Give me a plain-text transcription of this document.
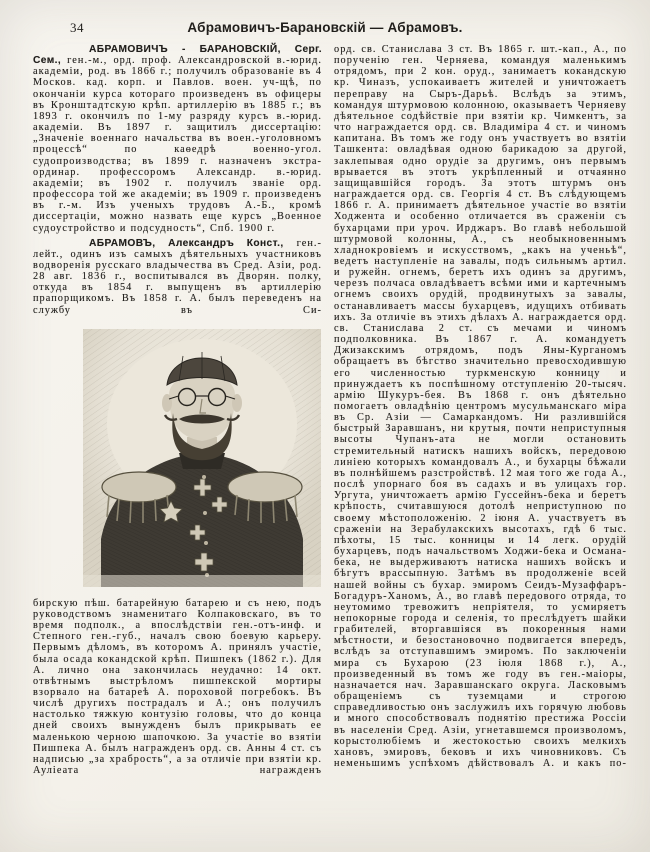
34	Абрамовичъ-Барановскій — Абрамовъ.

АБРАМОВИЧЪ - БАРАНОВСКІЙ, Серг. Сем., ген.-м., орд. проф. Александровской в.-юрид. академіи, род. въ 1866 г.; получилъ образованіе въ 4 Москов. кад. корп. и Павлов. воен. уч-щѣ, по окончаніи курса котораго произведенъ въ офицеры въ Кронштадтскую крѣп. артиллерію въ 1885 г.; въ 1893 г. окончилъ по 1-му разряду курсъ в.-юрид. академіи. Въ 1897 г. защитилъ диссертацію: „Значеніе военнаго начальства въ воен.-уголовномъ процессѣ“ по каѳедрѣ военно-угол. судопроизводства; въ 1899 г. назначенъ экстра-ординар. профессоромъ Александр. в.-юрид. академіи; въ 1902 г. получилъ званіе орд. профессора той же академіи; въ 1909 г. произведенъ въ г.-м. Изъ ученыхъ трудовъ А.-Б., кромѣ диссертаціи, можно назвать еще курсъ „Военное судоустройство и подсудность“, Спб. 1900 г.

АБРАМОВЪ, Александръ Конст., ген.-лейт., одинъ изъ самыхъ дѣятельныхъ участниковъ водворенія русскаго владычества въ Сред. Азіи, род. 28 авг. 1836 г., воспитывался въ Дворян. полку, откуда въ 1854 г. выпущенъ въ артиллерію прапорщикомъ. Въ 1858 г. А. былъ переведенъ на службу въ Си-

бирскую пѣш. батарейную батарею и съ нею, подъ руководствомъ знаменитаго Колпаковскаго, въ то время подполк., а впослѣдствіи ген.-отъ-инф. и Степного ген.-губ., началъ свою боевую карьеру. Первымъ дѣломъ, въ которомъ А. принялъ участіе, была осада кокандской крѣп. Пишпекъ (1862 г.). Для А. лично она закончилась неудачно: 14 окт. отвѣтнымъ выстрѣломъ пишпекской мортиры взорвало на батареѣ А. пороховой погребокъ. Въ числѣ другихъ пострадалъ и А.; онъ получилъ настолько тяжкую контузію головы, что до конца дней своихъ вынужденъ былъ прикрывать ее маленькою черною шапочкою. За участіе во взятіи Пишпека А. былъ награжденъ орд. св. Анны 4 ст. съ надписью „за храбрость“, а за отличіе при взятіи кр. Ауліеата награжденъ

орд. св. Станислава 3 ст. Въ 1865 г. шт.-кап., А., по порученію ген. Черняева, командуя маленькимъ отрядомъ, при 2 кон. оруд., занимаетъ кокандскую кр. Чиназъ, успокаиваетъ жителей и уничтожаетъ переправу на Сыръ-Дарьѣ. Вслѣдъ за этимъ, командуя штурмовою колонною, оказываетъ Черняеву дѣятельное содѣйствіе при взятіи кр. Чимкентъ, за что награждается орд. св. Владиміра 4 ст. и чиномъ капитана. Въ томъ же году онъ участвуетъ во взятіи Ташкента: овладѣвая одною барикадою за другой, заклепывая одно орудіе за другимъ, онъ первымъ врывается въ этотъ укрѣпленный и отчаянно защищавшійся городъ. За этотъ штурмъ онъ награждается орд. св. Георгія 4 ст. Въ слѣдующемъ 1866 г. А. принимаетъ дѣятельное участіе во взятіи Ходжента и особенно отличается въ сраженіи съ бухарцами при уроч. Ирджаръ. Во главѣ небольшой штурмовой колонны, А., съ необыкновеннымъ хладнокровіемъ и искусствомъ, „какъ на ученьѣ“, ведетъ наступленіе на завалы, подъ сильнымъ артил. и ружейн. огнемъ, беретъ ихъ одинъ за другимъ, черезъ полчаса овладѣваетъ всѣми ими и картечнымъ огнемъ своихъ орудій, продвинутыхъ за завалы, останавливаетъ массы бухарцевъ, идущихъ отбивать ихъ. За отличіе въ этихъ дѣлахъ А. награждается орд. св. Станислава 2 ст. съ мечами и чиномъ подполковника. Въ 1867 г. А. командуетъ Джизакскимъ отрядомъ, подъ Яны-Курганомъ обращаетъ въ бѣгство значительно превосходившую его численностью туркменскую конницу и принуждаетъ къ поспѣшному отступленію 20-тысяч. армію Шукуръ-бея. Въ 1868 г. онъ дѣятельно помогаетъ овладѣнію центромъ мусульманскаго міра въ Ср. Азіи — Самаркандомъ. Ни разлившійся быстрый Заравшанъ, ни крутыя, почти неприступныя высоты Чупанъ-ата не могли остановить стремительный натискъ нашихъ войскъ, передовою линіею которыхъ командовалъ А., и бухарцы бѣжали въ полнѣйшемъ разстройствѣ. 12 мая того же года А., послѣ упорнаго боя въ садахъ и въ улицахъ гор. Ургута, уничтожаетъ армію Гуссейнъ-бека и беретъ крѣпость, считавшуюся дотолѣ неприступною по своему мѣстоположенію. 2 іюня А. участвуетъ въ сраженіи на Зерабулакскихъ высотахъ, гдѣ 6 тыс. пѣхоты, 15 тыс. конницы и 14 легк. орудій бухарцевъ, подъ начальствомъ Ходжи-бека и Османа-бека, не выдерживаютъ натиска нашихъ войскъ и бѣгутъ врассыпную. Затѣмъ въ продолженіе всей нашей войны съ бухар. эмиромъ Сеидъ-Музаффаръ-Богадуръ-Ханомъ, А., во главѣ передового отряда, то неутомимо тревожитъ непріятеля, то усмиряетъ непокорные города и селенія, то преслѣдуетъ шайки грабителей, вторгавшіяся въ покоренныя нами мѣстности, и безостановочно подвигается впередъ, вслѣдъ за отступавшимъ эмиромъ. По заключеніи мира съ Бухарою (23 іюля 1868 г.), А., произведенный въ томъ же году въ ген.-маіоры, назначается нач. Заравшанскаго округа. Ласковымъ обращеніемъ съ туземцами и строгою справедливостью онъ заслужилъ ихъ горячую любовь и много способствовалъ поднятію престижа Россіи въ населеніи Сред. Азіи, угнетавшемся произволомъ, корыстолюбіемъ и жестокостью своихъ мелкихъ хановъ, эмировъ, бековъ и ихъ чиновниковъ. Съ неменьшимъ успѣхомъ дѣйствовалъ А. и какъ по-
